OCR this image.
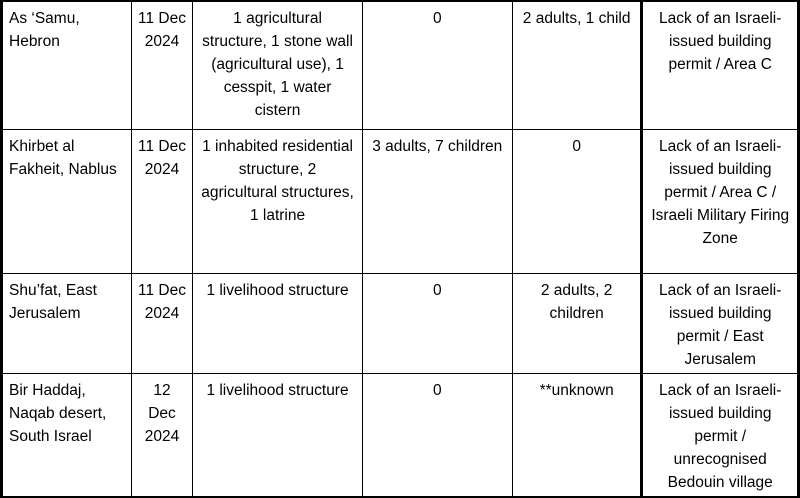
As ‘Samu, Hebron	11 Dec 2024	1 agricultural structure, 1 stone wall (agricultural use), 1 cesspit, 1 water cistern	0	2 adults, 1 child	Lack of an Israeli-issued building permit / Area C
Khirbet al Fakheit, Nablus	11 Dec 2024	1 inhabited residential structure, 2 agricultural structures, 1 latrine	3 adults, 7 children	0	Lack of an Israeli-issued building permit / Area C / Israeli Military Firing Zone
Shu’fat, East Jerusalem	11 Dec 2024	1 livelihood structure	0	2 adults, 2 children	Lack of an Israeli-issued building permit / East Jerusalem
Bir Haddaj, Naqab desert, South Israel	12 Dec 2024	1 livelihood structure	0	**unknown	Lack of an Israeli-issued building permit / unrecognised Bedouin village
